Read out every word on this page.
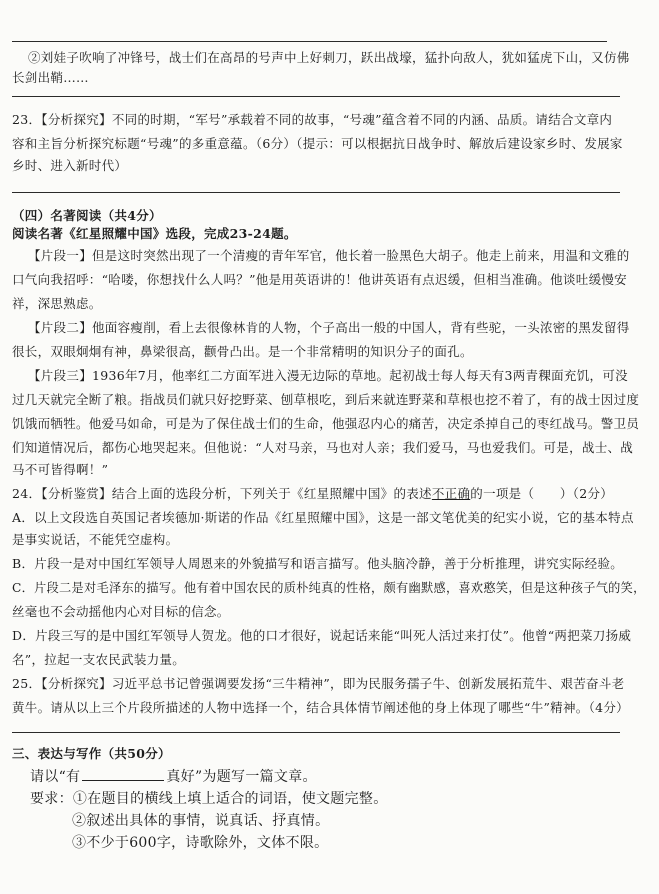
②刘娃子吹响了冲锋号，战士们在高昂的号声中上好刺刀，跃出战壕，猛扑向敌人，犹如猛虎下山，又仿佛
长剑出鞘……
23．【分析探究】不同的时期，“军号”承载着不同的故事，“号魂”蕴含着不同的内涵、品质。请结合文章内
容和主旨分析探究标题“号魂”的多重意蕴。（6分）（提示：可以根据抗日战争时、解放后建设家乡时、发展家
乡时、进入新时代）
（四）名著阅读（共4分）
阅读名著《红星照耀中国》选段，完成23-24题。
【片段一】但是这时突然出现了一个清瘦的青年军官，他长着一脸黑色大胡子。他走上前来，用温和文雅的
口气向我招呼：“哈喽，你想找什么人吗？”他是用英语讲的！他讲英语有点迟缓，但相当准确。他谈吐缓慢安
祥，深思熟虑。
【片段二】他面容瘦削，看上去很像林肯的人物，个子高出一般的中国人，背有些驼，一头浓密的黑发留得
很长，双眼炯炯有神，鼻梁很高，颧骨凸出。是一个非常精明的知识分子的面孔。
【片段三】1936年7月，他率红二方面军进入漫无边际的草地。起初战士每人每天有3两青稞面充饥，可没
过几天就完全断了粮。指战员们就只好挖野菜、刨草根吃，到后来就连野菜和草根也挖不着了，有的战士因过度
饥饿而牺牲。他爱马如命，可是为了保住战士们的生命，他强忍内心的痛苦，决定杀掉自己的枣红战马。警卫员
们知道情况后，都伤心地哭起来。但他说：“人对马亲，马也对人亲；我们爱马，马也爱我们。可是，战士、战
马不可皆得啊！”
24．【分析鉴赏】结合上面的选段分析，下列关于《红星照耀中国》的表述不正确的一项是（　　）（2分）
A．以上文段选自英国记者埃德加·斯诺的作品《红星照耀中国》，这是一部文笔优美的纪实小说，它的基本特点
是事实说话，不能凭空虚构。
B．片段一是对中国红军领导人周恩来的外貌描写和语言描写。他头脑冷静，善于分析推理，讲究实际经验。
C．片段二是对毛泽东的描写。他有着中国农民的质朴纯真的性格，颇有幽默感，喜欢憨笑，但是这种孩子气的笑，
丝毫也不会动摇他内心对目标的信念。
D．片段三写的是中国红军领导人贺龙。他的口才很好，说起话来能“叫死人活过来打仗”。他曾“两把菜刀扬威
名”，拉起一支农民武装力量。
25．【分析探究】习近平总书记曾强调要发扬“三牛精神”，即为民服务孺子牛、创新发展拓荒牛、艰苦奋斗老
黄牛。请从以上三个片段所描述的人物中选择一个，结合具体情节阐述他的身上体现了哪些“牛”精神。（4分）
三、表达与写作（共50分）
请以“有	真好”为题写一篇文章。
要求：①在题目的横线上填上适合的词语，使文题完整。
②叙述出具体的事情，说真话、抒真情。
③不少于600字，诗歌除外，文体不限。
